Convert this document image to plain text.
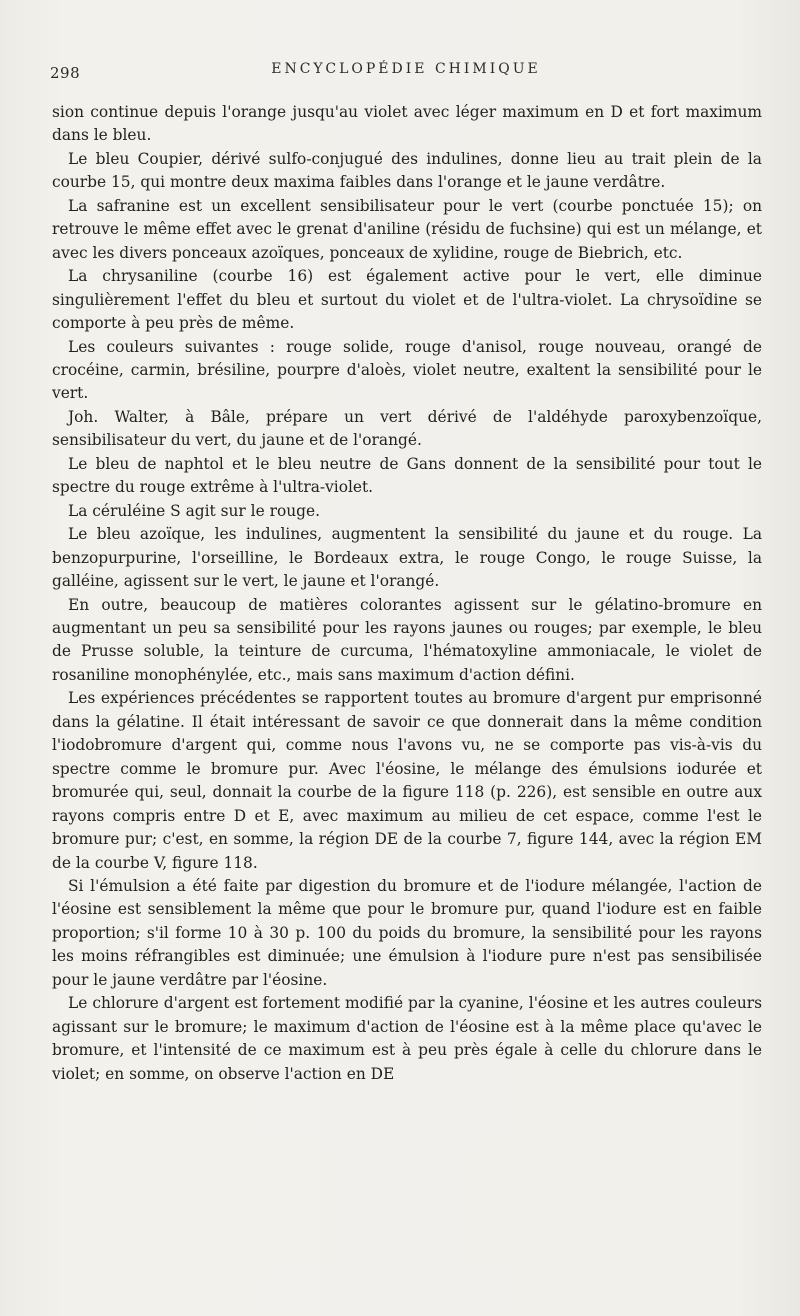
298	ENCYCLOPÉDIE CHIMIQUE

sion continue depuis l'orange jusqu'au violet avec léger maximum en D et fort maximum dans le bleu.

Le bleu Coupier, dérivé sulfo-conjugué des indulines, donne lieu au trait plein de la courbe 15, qui montre deux maxima faibles dans l'orange et le jaune verdâtre.

La safranine est un excellent sensibilisateur pour le vert (courbe ponctuée 15); on retrouve le même effet avec le grenat d'aniline (résidu de fuchsine) qui est un mélange, et avec les divers ponceaux azoïques, ponceaux de xylidine, rouge de Biebrich, etc.

La chrysaniline (courbe 16) est également active pour le vert, elle diminue singulièrement l'effet du bleu et surtout du violet et de l'ultra-violet. La chrysoïdine se comporte à peu près de même.

Les couleurs suivantes : rouge solide, rouge d'anisol, rouge nouveau, orangé de crocéine, carmin, brésiline, pourpre d'aloès, violet neutre, exaltent la sensibilité pour le vert.

Joh. Walter, à Bâle, prépare un vert dérivé de l'aldéhyde paroxybenzoïque, sensibilisateur du vert, du jaune et de l'orangé.

Le bleu de naphtol et le bleu neutre de Gans donnent de la sensibilité pour tout le spectre du rouge extrême à l'ultra-violet.

La céruléine S agit sur le rouge.

Le bleu azoïque, les indulines, augmentent la sensibilité du jaune et du rouge. La benzopurpurine, l'orseilline, le Bordeaux extra, le rouge Congo, le rouge Suisse, la galléine, agissent sur le vert, le jaune et l'orangé.

En outre, beaucoup de matières colorantes agissent sur le gélatino-bromure en augmentant un peu sa sensibilité pour les rayons jaunes ou rouges; par exemple, le bleu de Prusse soluble, la teinture de curcuma, l'hématoxyline ammoniacale, le violet de rosaniline monophénylée, etc., mais sans maximum d'action défini.

Les expériences précédentes se rapportent toutes au bromure d'argent pur emprisonné dans la gélatine. Il était intéressant de savoir ce que donnerait dans la même condition l'iodobromure d'argent qui, comme nous l'avons vu, ne se comporte pas vis-à-vis du spectre comme le bromure pur. Avec l'éosine, le mélange des émulsions iodurée et bromurée qui, seul, donnait la courbe de la figure 118 (p. 226), est sensible en outre aux rayons compris entre D et E, avec maximum au milieu de cet espace, comme l'est le bromure pur; c'est, en somme, la région DE de la courbe 7, figure 144, avec la région EM de la courbe V, figure 118.

Si l'émulsion a été faite par digestion du bromure et de l'iodure mélangée, l'action de l'éosine est sensiblement la même que pour le bromure pur, quand l'iodure est en faible proportion; s'il forme 10 à 30 p. 100 du poids du bromure, la sensibilité pour les rayons les moins réfrangibles est diminuée; une émulsion à l'iodure pure n'est pas sensibilisée pour le jaune verdâtre par l'éosine.

Le chlorure d'argent est fortement modifié par la cyanine, l'éosine et les autres couleurs agissant sur le bromure; le maximum d'action de l'éosine est à la même place qu'avec le bromure, et l'intensité de ce maximum est à peu près égale à celle du chlorure dans le violet; en somme, on observe l'action en DE
